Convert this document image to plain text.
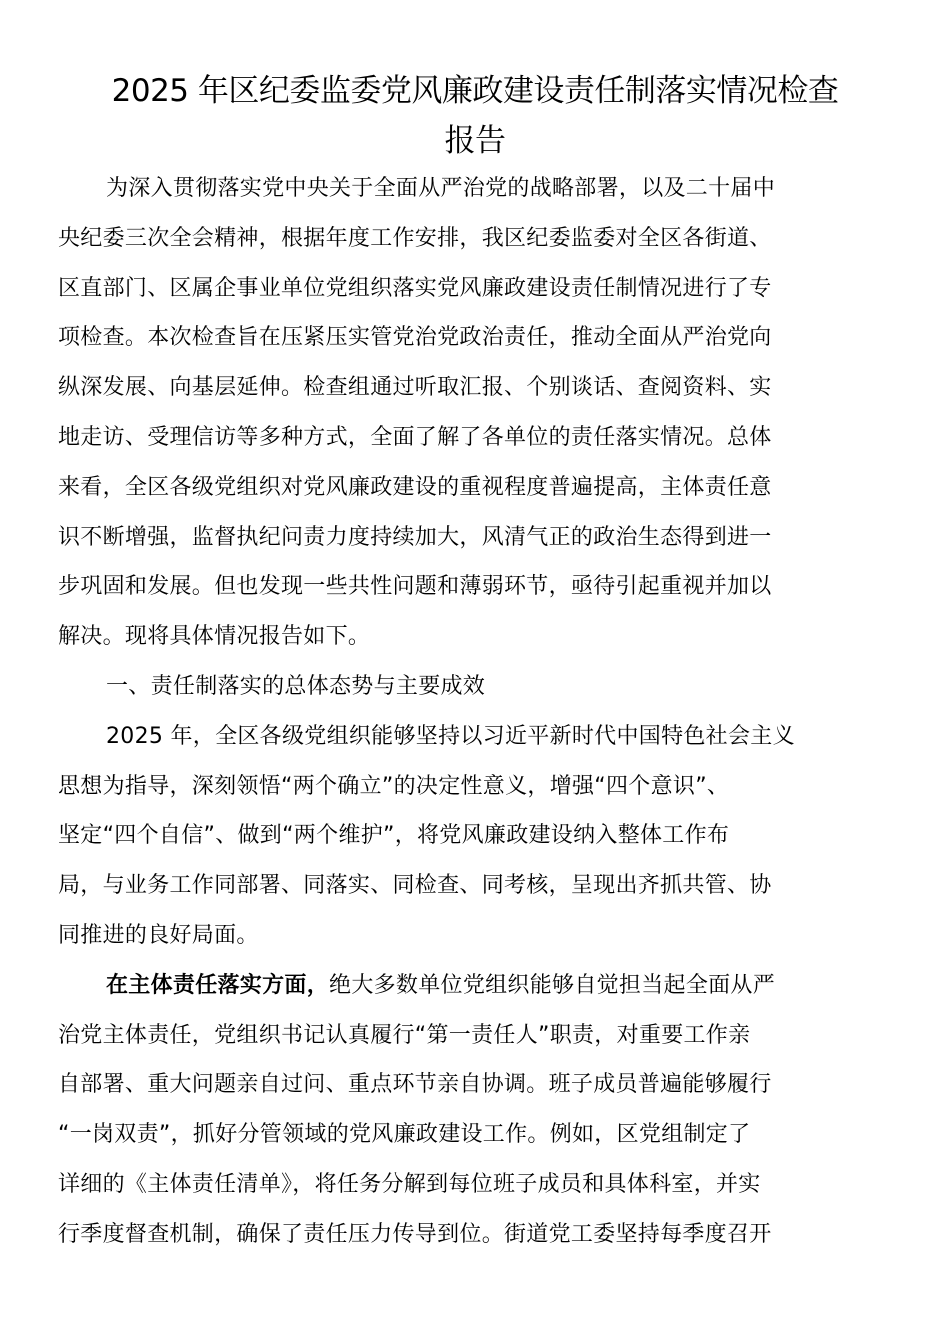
2025 年区纪委监委党风廉政建设责任制落实情况检查
报告
为深入贯彻落实党中央关于全面从严治党的战略部署，以及二十届中
央纪委三次全会精神，根据年度工作安排，我区纪委监委对全区各街道、
区直部门、区属企事业单位党组织落实党风廉政建设责任制情况进行了专
项检查。本次检查旨在压紧压实管党治党政治责任，推动全面从严治党向
纵深发展、向基层延伸。检查组通过听取汇报、个别谈话、查阅资料、实
地走访、受理信访等多种方式，全面了解了各单位的责任落实情况。总体
来看，全区各级党组织对党风廉政建设的重视程度普遍提高，主体责任意
识不断增强，监督执纪问责力度持续加大，风清气正的政治生态得到进一
步巩固和发展。但也发现一些共性问题和薄弱环节，亟待引起重视并加以
解决。现将具体情况报告如下。
一、责任制落实的总体态势与主要成效
2025 年，全区各级党组织能够坚持以习近平新时代中国特色社会主义
思想为指导，深刻领悟“两个确立”的决定性意义，增强“四个意识”、
坚定“四个自信”、做到“两个维护”，将党风廉政建设纳入整体工作布
局，与业务工作同部署、同落实、同检查、同考核，呈现出齐抓共管、协
同推进的良好局面。
在主体责任落实方面，绝大多数单位党组织能够自觉担当起全面从严
治党主体责任，党组织书记认真履行“第一责任人”职责，对重要工作亲
自部署、重大问题亲自过问、重点环节亲自协调。班子成员普遍能够履行
“一岗双责”，抓好分管领域的党风廉政建设工作。例如，区党组制定了
详细的《主体责任清单》，将任务分解到每位班子成员和具体科室，并实
行季度督查机制，确保了责任压力传导到位。街道党工委坚持每季度召开
